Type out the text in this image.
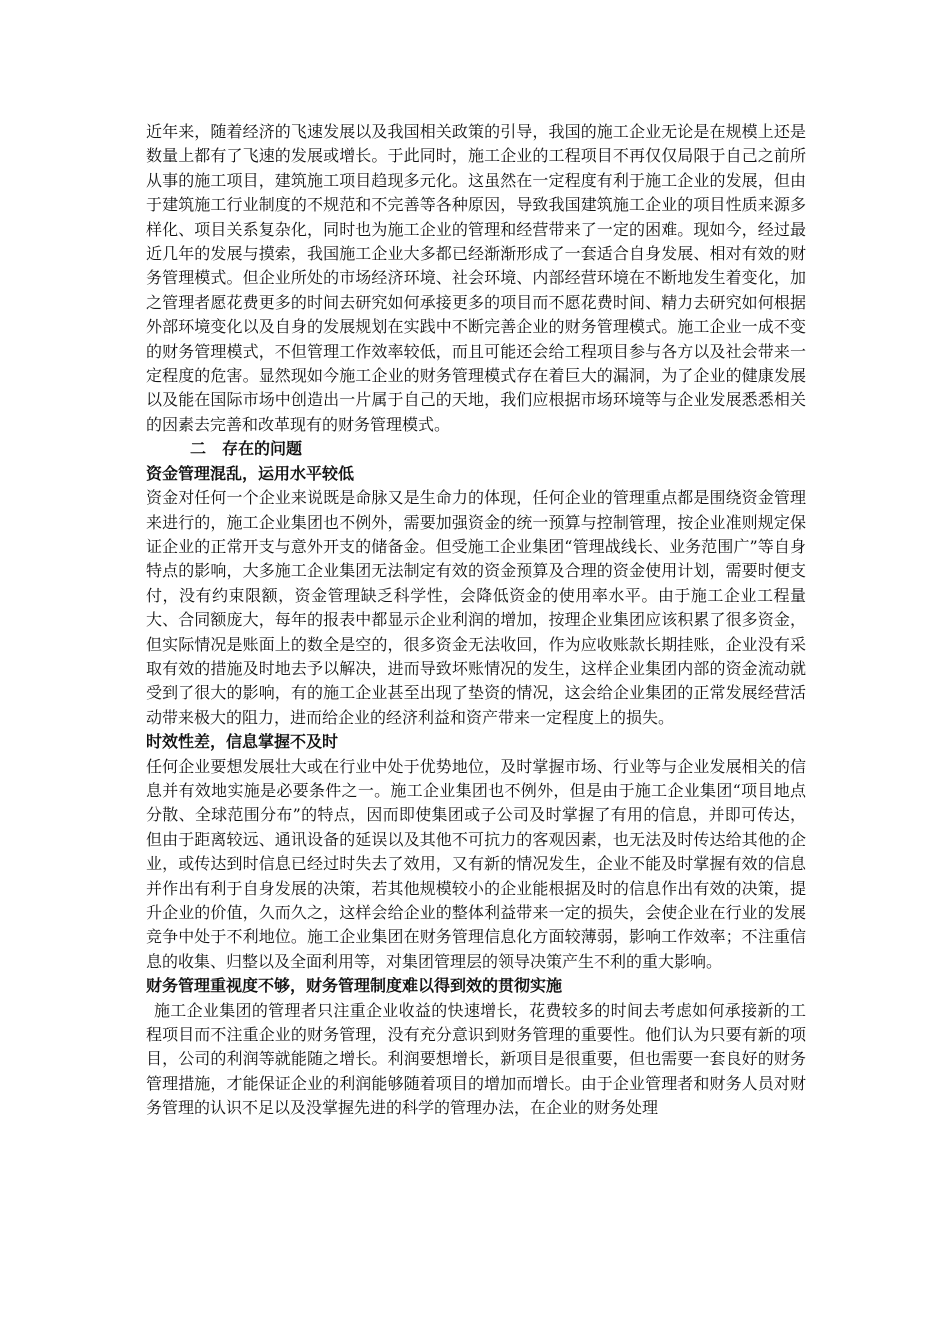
近年来，随着经济的飞速发展以及我国相关政策的引导，我国的施工企业无论是在规模上还是数量上都有了飞速的发展或增长。于此同时，施工企业的工程项目不再仅仅局限于自己之前所从事的施工项目，建筑施工项目趋现多元化。这虽然在一定程度有利于施工企业的发展，但由于建筑施工行业制度的不规范和不完善等各种原因，导致我国建筑施工企业的项目性质来源多样化、项目关系复杂化，同时也为施工企业的管理和经营带来了一定的困难。现如今，经过最近几年的发展与摸索，我国施工企业大多都已经渐渐形成了一套适合自身发展、相对有效的财务管理模式。但企业所处的市场经济环境、社会环境、内部经营环境在不断地发生着变化，加之管理者愿花费更多的时间去研究如何承接更多的项目而不愿花费时间、精力去研究如何根据外部环境变化以及自身的发展规划在实践中不断完善企业的财务管理模式。施工企业一成不变的财务管理模式，不但管理工作效率较低，而且可能还会给工程项目参与各方以及社会带来一定程度的危害。显然现如今施工企业的财务管理模式存在着巨大的漏洞，为了企业的健康发展以及能在国际市场中创造出一片属于自己的天地，我们应根据市场环境等与企业发展悉悉相关的因素去完善和改革现有的财务管理模式。

二　存在的问题

资金管理混乱，运用水平较低

资金对任何一个企业来说既是命脉又是生命力的体现，任何企业的管理重点都是围绕资金管理来进行的，施工企业集团也不例外，需要加强资金的统一预算与控制管理，按企业准则规定保证企业的正常开支与意外开支的储备金。但受施工企业集团“管理战线长、业务范围广”等自身特点的影响，大多施工企业集团无法制定有效的资金预算及合理的资金使用计划，需要时便支付，没有约束限额，资金管理缺乏科学性，会降低资金的使用率水平。由于施工企业工程量大、合同额庞大，每年的报表中都显示企业利润的增加，按理企业集团应该积累了很多资金，但实际情况是账面上的数全是空的，很多资金无法收回，作为应收账款长期挂账，企业没有采取有效的措施及时地去予以解决，进而导致坏账情况的发生，这样企业集团内部的资金流动就受到了很大的影响，有的施工企业甚至出现了垫资的情况，这会给企业集团的正常发展经营活动带来极大的阻力，进而给企业的经济利益和资产带来一定程度上的损失。

时效性差，信息掌握不及时

任何企业要想发展壮大或在行业中处于优势地位，及时掌握市场、行业等与企业发展相关的信息并有效地实施是必要条件之一。施工企业集团也不例外，但是由于施工企业集团“项目地点分散、全球范围分布”的特点，因而即使集团或子公司及时掌握了有用的信息，并即可传达，但由于距离较远、通讯设备的延误以及其他不可抗力的客观因素，也无法及时传达给其他的企业，或传达到时信息已经过时失去了效用，又有新的情况发生，企业不能及时掌握有效的信息并作出有利于自身发展的决策，若其他规模较小的企业能根据及时的信息作出有效的决策，提升企业的价值，久而久之，这样会给企业的整体利益带来一定的损失，会使企业在行业的发展竞争中处于不利地位。施工企业集团在财务管理信息化方面较薄弱，影响工作效率；不注重信息的收集、归整以及全面利用等，对集团管理层的领导决策产生不利的重大影响。

财务管理重视度不够，财务管理制度难以得到效的贯彻实施

施工企业集团的管理者只注重企业收益的快速增长，花费较多的时间去考虑如何承接新的工程项目而不注重企业的财务管理，没有充分意识到财务管理的重要性。他们认为只要有新的项目，公司的利润等就能随之增长。利润要想增长，新项目是很重要，但也需要一套良好的财务管理措施，才能保证企业的利润能够随着项目的增加而增长。由于企业管理者和财务人员对财务管理的认识不足以及没掌握先进的科学的管理办法，在企业的财务处理
